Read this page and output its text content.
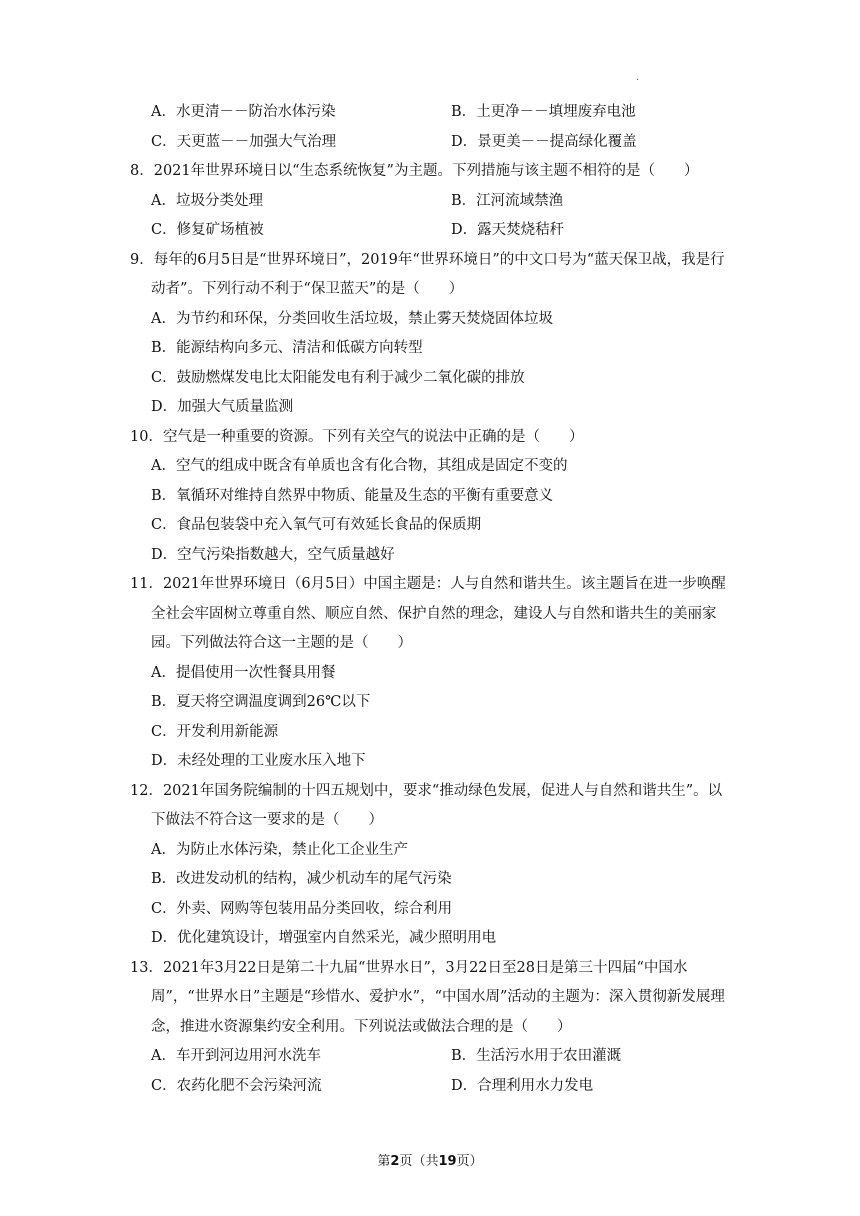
.

A．水更清－－防治水体污染	B．土更净－－填埋废弃电池

C．天更蓝－－加强大气治理	D．景更美－－提高绿化覆盖

8．2021年世界环境日以“生态系统恢复”为主题。下列措施与该主题不相符的是（　　）

A．垃圾分类处理	B．江河流域禁渔

C．修复矿场植被	D．露天焚烧秸秆

9．每年的6月5日是“世界环境日”，2019年“世界环境日”的中文口号为“蓝天保卫战，我是行动者”。下列行动不利于“保卫蓝天”的是（　　）

A．为节约和环保，分类回收生活垃圾，禁止雾天焚烧固体垃圾

B．能源结构向多元、清洁和低碳方向转型

C．鼓励燃煤发电比太阳能发电有利于减少二氧化碳的排放

D．加强大气质量监测

10．空气是一种重要的资源。下列有关空气的说法中正确的是（　　）

A．空气的组成中既含有单质也含有化合物，其组成是固定不变的

B．氧循环对维持自然界中物质、能量及生态的平衡有重要意义

C．食品包装袋中充入氧气可有效延长食品的保质期

D．空气污染指数越大，空气质量越好

11．2021年世界环境日（6月5日）中国主题是：人与自然和谐共生。该主题旨在进一步唤醒全社会牢固树立尊重自然、顺应自然、保护自然的理念，建设人与自然和谐共生的美丽家园。下列做法符合这一主题的是（　　）

A．提倡使用一次性餐具用餐

B．夏天将空调温度调到26℃以下

C．开发利用新能源

D．未经处理的工业废水压入地下

12．2021年国务院编制的十四五规划中，要求“推动绿色发展，促进人与自然和谐共生”。以下做法不符合这一要求的是（　　）

A．为防止水体污染，禁止化工企业生产

B．改进发动机的结构，减少机动车的尾气污染

C．外卖、网购等包装用品分类回收，综合利用

D．优化建筑设计，增强室内自然采光，减少照明用电

13．2021年3月22日是第二十九届“世界水日”，3月22日至28日是第三十四届“中国水周”，“世界水日”主题是“珍惜水、爱护水”，“中国水周”活动的主题为：深入贯彻新发展理念，推进水资源集约安全利用。下列说法或做法合理的是（　　）

A．车开到河边用河水洗车	B．生活污水用于农田灌溉

C．农药化肥不会污染河流	D．合理利用水力发电

第2页（共19页）
